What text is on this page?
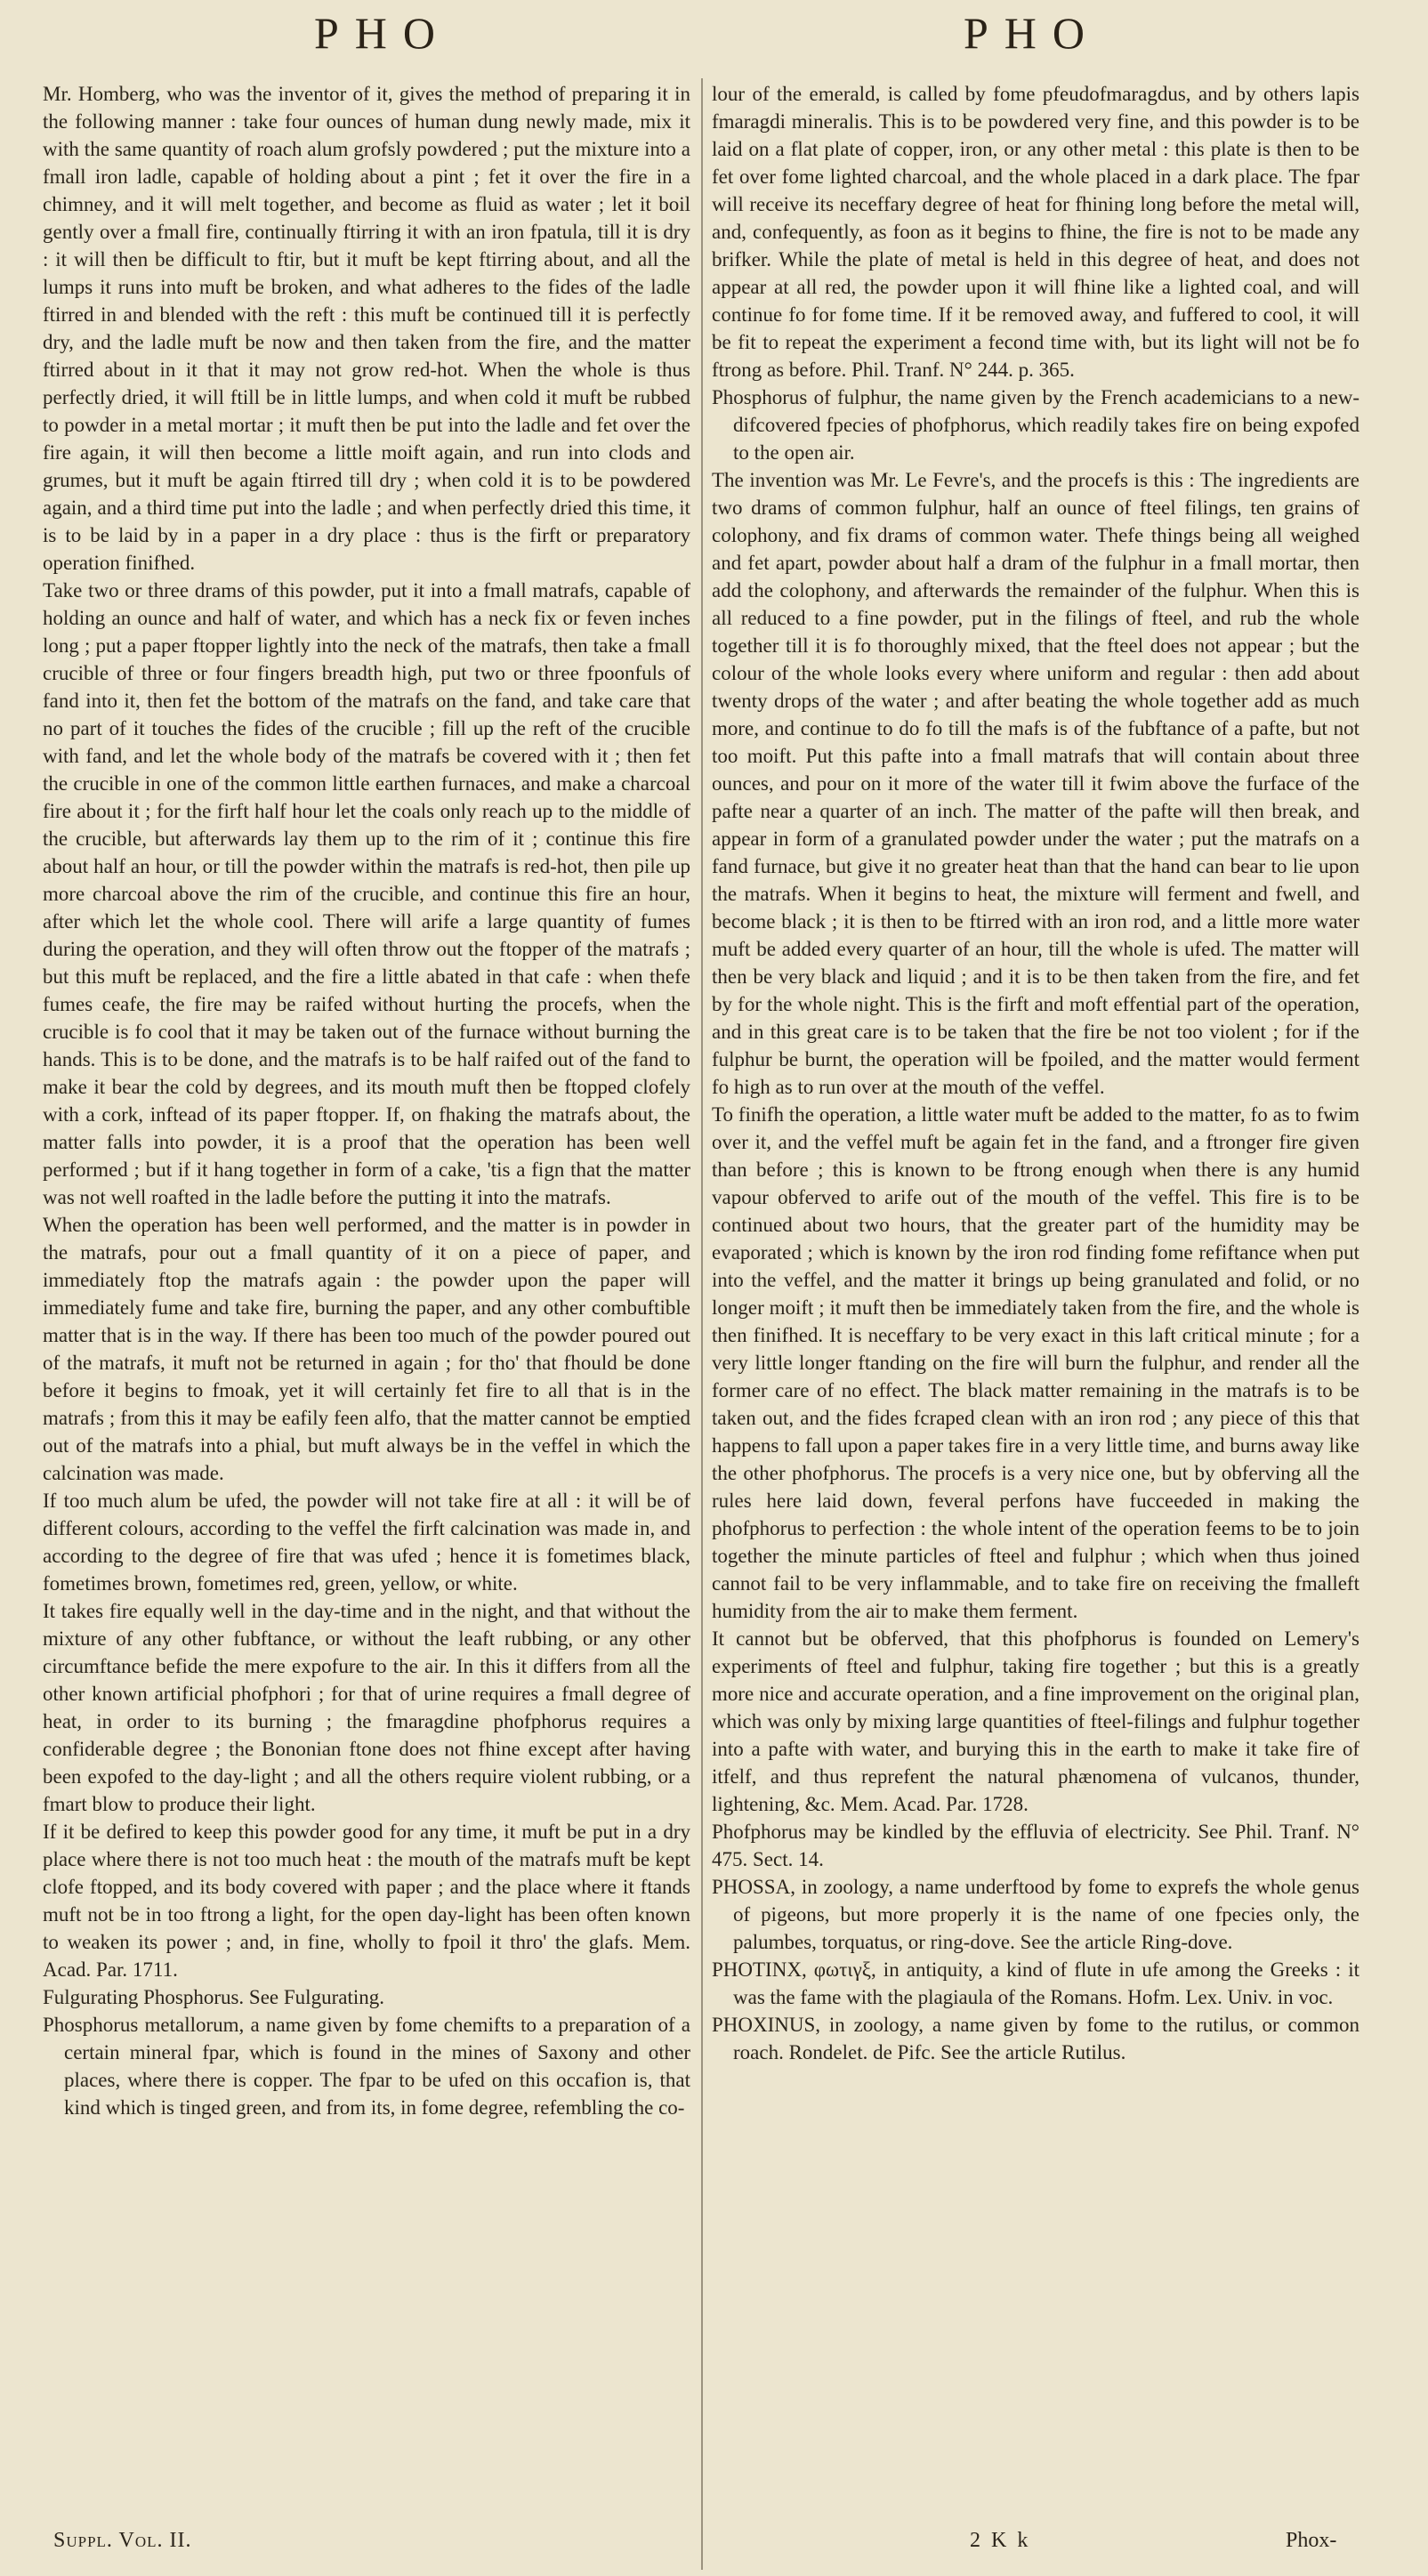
PHO	PHO

Mr. Homberg, who was the inventor of it, gives the method of preparing it in the following manner : take four ounces of human dung newly made, mix it with the same quantity of roach alum grofsly powdered ; put the mixture into a fmall iron ladle, capable of holding about a pint ; fet it over the fire in a chimney, and it will melt together, and become as fluid as water ; let it boil gently over a fmall fire, continually ftirring it with an iron fpatula, till it is dry : it will then be difficult to ftir, but it muft be kept ftirring about, and all the lumps it runs into muft be broken, and what adheres to the fides of the ladle ftirred in and blended with the reft : this muft be continued till it is perfectly dry, and the ladle muft be now and then taken from the fire, and the matter ftirred about in it that it may not grow red-hot. When the whole is thus perfectly dried, it will ftill be in little lumps, and when cold it muft be rubbed to powder in a metal mortar ; it muft then be put into the ladle and fet over the fire again, it will then become a little moift again, and run into clods and grumes, but it muft be again ftirred till dry ; when cold it is to be powdered again, and a third time put into the ladle ; and when perfectly dried this time, it is to be laid by in a paper in a dry place : thus is the firft or preparatory operation finifhed.

Take two or three drams of this powder, put it into a fmall matrafs, capable of holding an ounce and half of water, and which has a neck fix or feven inches long ; put a paper ftopper lightly into the neck of the matrafs, then take a fmall crucible of three or four fingers breadth high, put two or three fpoonfuls of fand into it, then fet the bottom of the matrafs on the fand, and take care that no part of it touches the fides of the crucible ; fill up the reft of the crucible with fand, and let the whole body of the matrafs be covered with it ; then fet the crucible in one of the common little earthen furnaces, and make a charcoal fire about it ; for the firft half hour let the coals only reach up to the middle of the crucible, but afterwards lay them up to the rim of it ; continue this fire about half an hour, or till the powder within the matrafs is red-hot, then pile up more charcoal above the rim of the crucible, and continue this fire an hour, after which let the whole cool. There will arife a large quantity of fumes during the operation, and they will often throw out the ftopper of the matrafs ; but this muft be replaced, and the fire a little abated in that cafe : when thefe fumes ceafe, the fire may be raifed without hurting the procefs, when the crucible is fo cool that it may be taken out of the furnace without burning the hands. This is to be done, and the matrafs is to be half raifed out of the fand to make it bear the cold by degrees, and its mouth muft then be ftopped clofely with a cork, inftead of its paper ftopper. If, on fhaking the matrafs about, the matter falls into powder, it is a proof that the operation has been well performed ; but if it hang together in form of a cake, 'tis a fign that the matter was not well roafted in the ladle before the putting it into the matrafs.

When the operation has been well performed, and the matter is in powder in the matrafs, pour out a fmall quantity of it on a piece of paper, and immediately ftop the matrafs again : the powder upon the paper will immediately fume and take fire, burning the paper, and any other combuftible matter that is in the way. If there has been too much of the powder poured out of the matrafs, it muft not be returned in again ; for tho' that fhould be done before it begins to fmoak, yet it will certainly fet fire to all that is in the matrafs ; from this it may be eafily feen alfo, that the matter cannot be emptied out of the matrafs into a phial, but muft always be in the veffel in which the calcination was made.

If too much alum be ufed, the powder will not take fire at all : it will be of different colours, according to the veffel the firft calcination was made in, and according to the degree of fire that was ufed ; hence it is fometimes black, fometimes brown, fometimes red, green, yellow, or white.

It takes fire equally well in the day-time and in the night, and that without the mixture of any other fubftance, or without the leaft rubbing, or any other circumftance befide the mere expofure to the air. In this it differs from all the other known artificial phofphori ; for that of urine requires a fmall degree of heat, in order to its burning ; the fmaragdine phofphorus requires a confiderable degree ; the Bononian ftone does not fhine except after having been expofed to the day-light ; and all the others require violent rubbing, or a fmart blow to produce their light.

If it be defired to keep this powder good for any time, it muft be put in a dry place where there is not too much heat : the mouth of the matrafs muft be kept clofe ftopped, and its body covered with paper ; and the place where it ftands muft not be in too ftrong a light, for the open day-light has been often known to weaken its power ; and, in fine, wholly to fpoil it thro' the glafs. Mem. Acad. Par. 1711.

Fulgurating Phosphorus. See Fulgurating.

Phosphorus metallorum, a name given by fome chemifts to a preparation of a certain mineral fpar, which is found in the mines of Saxony and other places, where there is copper. The fpar to be ufed on this occafion is, that kind which is tinged green, and from its, in fome degree, refembling the co-

lour of the emerald, is called by fome pfeudofmaragdus, and by others lapis fmaragdi mineralis. This is to be powdered very fine, and this powder is to be laid on a flat plate of copper, iron, or any other metal : this plate is then to be fet over fome lighted charcoal, and the whole placed in a dark place. The fpar will receive its neceffary degree of heat for fhining long before the metal will, and, confequently, as foon as it begins to fhine, the fire is not to be made any brifker. While the plate of metal is held in this degree of heat, and does not appear at all red, the powder upon it will fhine like a lighted coal, and will continue fo for fome time. If it be removed away, and fuffered to cool, it will be fit to repeat the experiment a fecond time with, but its light will not be fo ftrong as before. Phil. Tranf. N° 244. p. 365.

Phosphorus of fulphur, the name given by the French academicians to a new-difcovered fpecies of phofphorus, which readily takes fire on being expofed to the open air.

The invention was Mr. Le Fevre's, and the procefs is this : The ingredients are two drams of common fulphur, half an ounce of fteel filings, ten grains of colophony, and fix drams of common water. Thefe things being all weighed and fet apart, powder about half a dram of the fulphur in a fmall mortar, then add the colophony, and afterwards the remainder of the fulphur. When this is all reduced to a fine powder, put in the filings of fteel, and rub the whole together till it is fo thoroughly mixed, that the fteel does not appear ; but the colour of the whole looks every where uniform and regular : then add about twenty drops of the water ; and after beating the whole together add as much more, and continue to do fo till the mafs is of the fubftance of a pafte, but not too moift. Put this pafte into a fmall matrafs that will contain about three ounces, and pour on it more of the water till it fwim above the furface of the pafte near a quarter of an inch. The matter of the pafte will then break, and appear in form of a granulated powder under the water ; put the matrafs on a fand furnace, but give it no greater heat than that the hand can bear to lie upon the matrafs. When it begins to heat, the mixture will ferment and fwell, and become black ; it is then to be ftirred with an iron rod, and a little more water muft be added every quarter of an hour, till the whole is ufed. The matter will then be very black and liquid ; and it is to be then taken from the fire, and fet by for the whole night. This is the firft and moft effential part of the operation, and in this great care is to be taken that the fire be not too violent ; for if the fulphur be burnt, the operation will be fpoiled, and the matter would ferment fo high as to run over at the mouth of the veffel.

To finifh the operation, a little water muft be added to the matter, fo as to fwim over it, and the veffel muft be again fet in the fand, and a ftronger fire given than before ; this is known to be ftrong enough when there is any humid vapour obferved to arife out of the mouth of the veffel. This fire is to be continued about two hours, that the greater part of the humidity may be evaporated ; which is known by the iron rod finding fome refiftance when put into the veffel, and the matter it brings up being granulated and folid, or no longer moift ; it muft then be immediately taken from the fire, and the whole is then finifhed. It is neceffary to be very exact in this laft critical minute ; for a very little longer ftanding on the fire will burn the fulphur, and render all the former care of no effect. The black matter remaining in the matrafs is to be taken out, and the fides fcraped clean with an iron rod ; any piece of this that happens to fall upon a paper takes fire in a very little time, and burns away like the other phofphorus. The procefs is a very nice one, but by obferving all the rules here laid down, feveral perfons have fucceeded in making the phofphorus to perfection : the whole intent of the operation feems to be to join together the minute particles of fteel and fulphur ; which when thus joined cannot fail to be very inflammable, and to take fire on receiving the fmalleft humidity from the air to make them ferment.

It cannot but be obferved, that this phofphorus is founded on Lemery's experiments of fteel and fulphur, taking fire together ; but this is a greatly more nice and accurate operation, and a fine improvement on the original plan, which was only by mixing large quantities of fteel-filings and fulphur together into a pafte with water, and burying this in the earth to make it take fire of itfelf, and thus reprefent the natural phænomena of vulcanos, thunder, lightening, &c. Mem. Acad. Par. 1728.

Phofphorus may be kindled by the effluvia of electricity. See Phil. Tranf. N° 475. Sect. 14.

PHOSSA, in zoology, a name underftood by fome to exprefs the whole genus of pigeons, but more properly it is the name of one fpecies only, the palumbes, torquatus, or ring-dove. See the article Ring-dove.

PHOTINX, φωτιγξ, in antiquity, a kind of flute in ufe among the Greeks : it was the fame with the plagiaula of the Romans. Hofm. Lex. Univ. in voc.

PHOXINUS, in zoology, a name given by fome to the rutilus, or common roach. Rondelet. de Pifc. See the article Rutilus.

Suppl. Vol. II.	2 K k	Phox-
